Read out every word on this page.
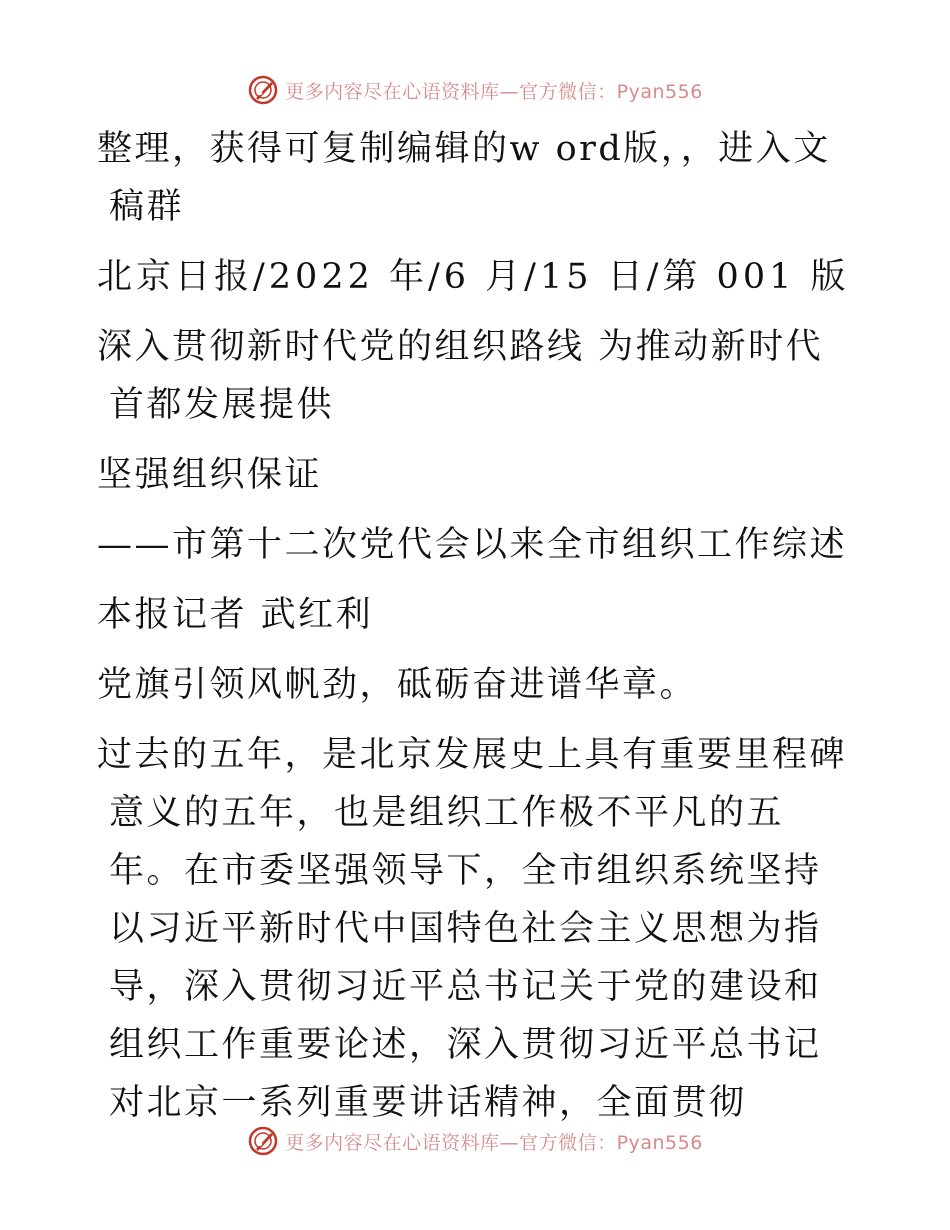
更多内容尽在心语资料库—官方微信：Pyan556

整理，获得可复制编辑的w ord版，，进入文稿群

北京日报/2022 年/6 月/15 日/第 001 版

深入贯彻新时代党的组织路线 为推动新时代首都发展提供

坚强组织保证

——市第十二次党代会以来全市组织工作综述

本报记者 武红利

党旗引领风帆劲，砥砺奋进谱华章。

过去的五年，是北京发展史上具有重要里程碑意义的五年，也是组织工作极不平凡的五年。在市委坚强领导下，全市组织系统坚持以习近平新时代中国特色社会主义思想为指导，深入贯彻习近平总书记关于党的建设和组织工作重要论述，深入贯彻习近平总书记对北京一系列重要讲话精神，全面贯彻

更多内容尽在心语资料库—官方微信：Pyan556
